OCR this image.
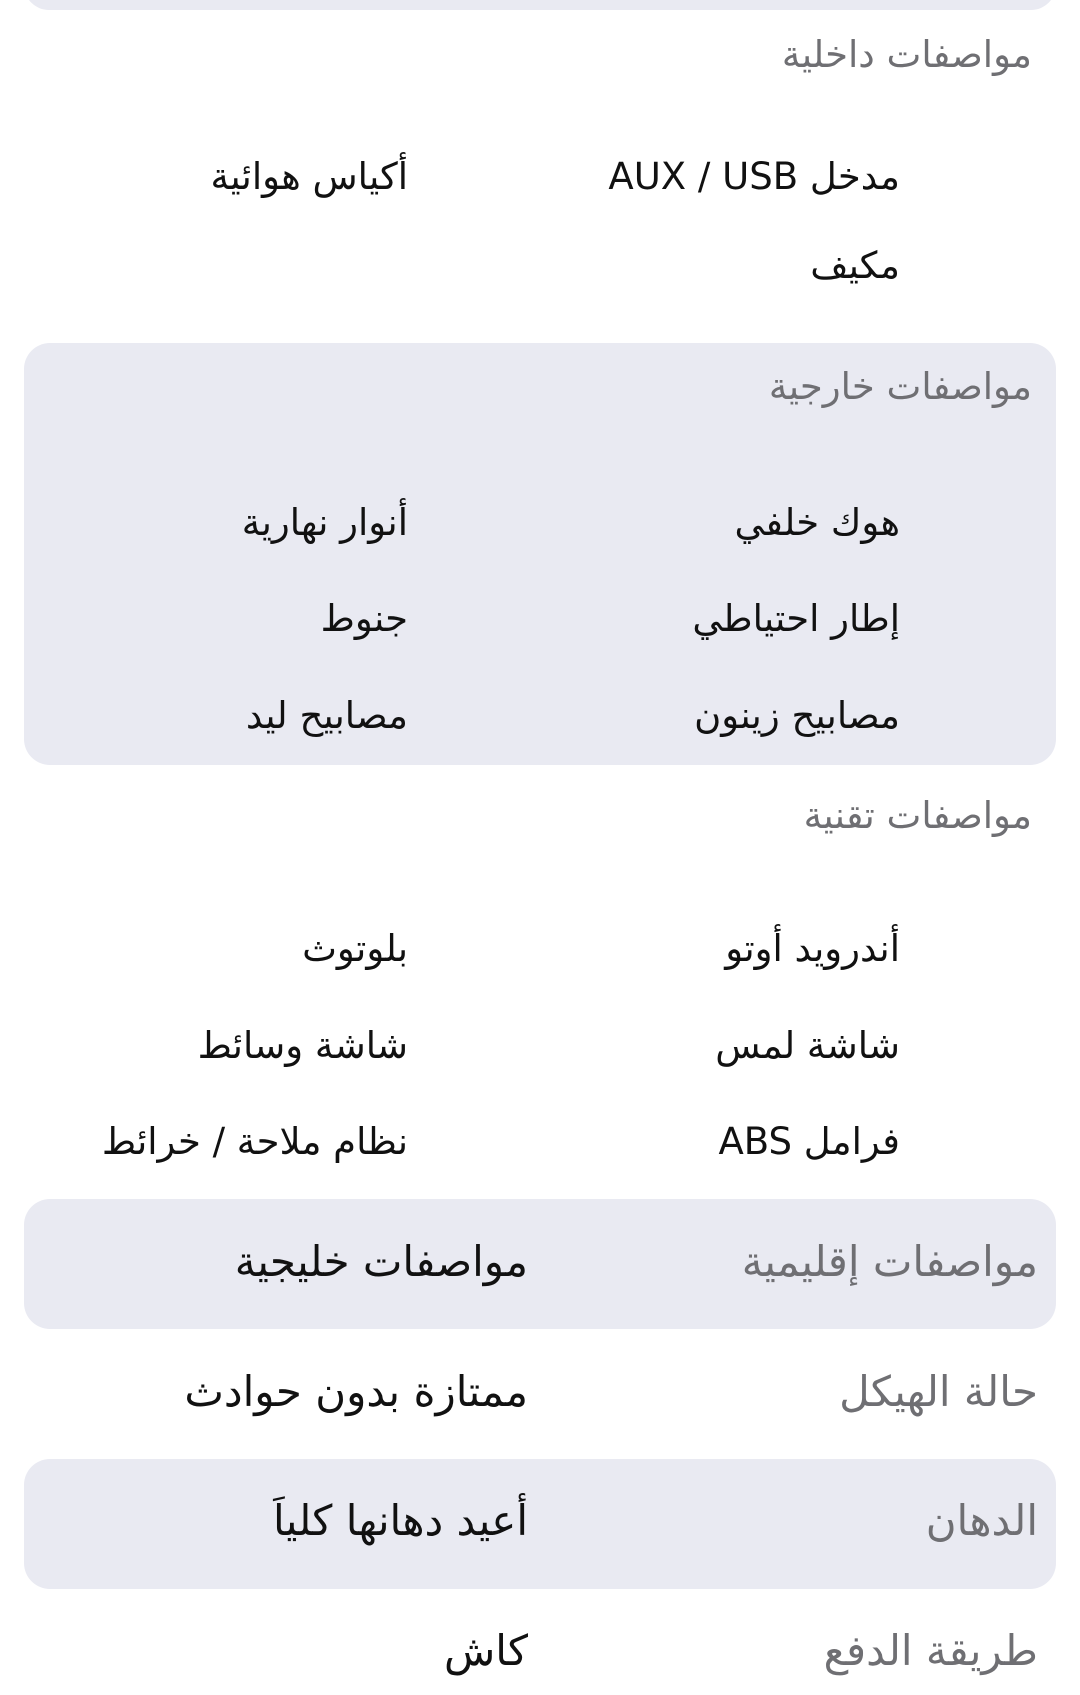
مواصفات داخلية
مدخل AUX / USB
أكياس هوائية
مكيف
مواصفات خارجية
هوك خلفي
أنوار نهارية
إطار احتياطي
جنوط
مصابيح زينون
مصابيح ليد
مواصفات تقنية
أندرويد أوتو
بلوتوث
شاشة لمس
شاشة وسائط
فرامل ABS
نظام ملاحة / خرائط
مواصفات إقليمية
مواصفات خليجية
حالة الهيكل
ممتازة بدون حوادث
الدهان
أعيد دهانها كلياَ
طريقة الدفع
كاش
